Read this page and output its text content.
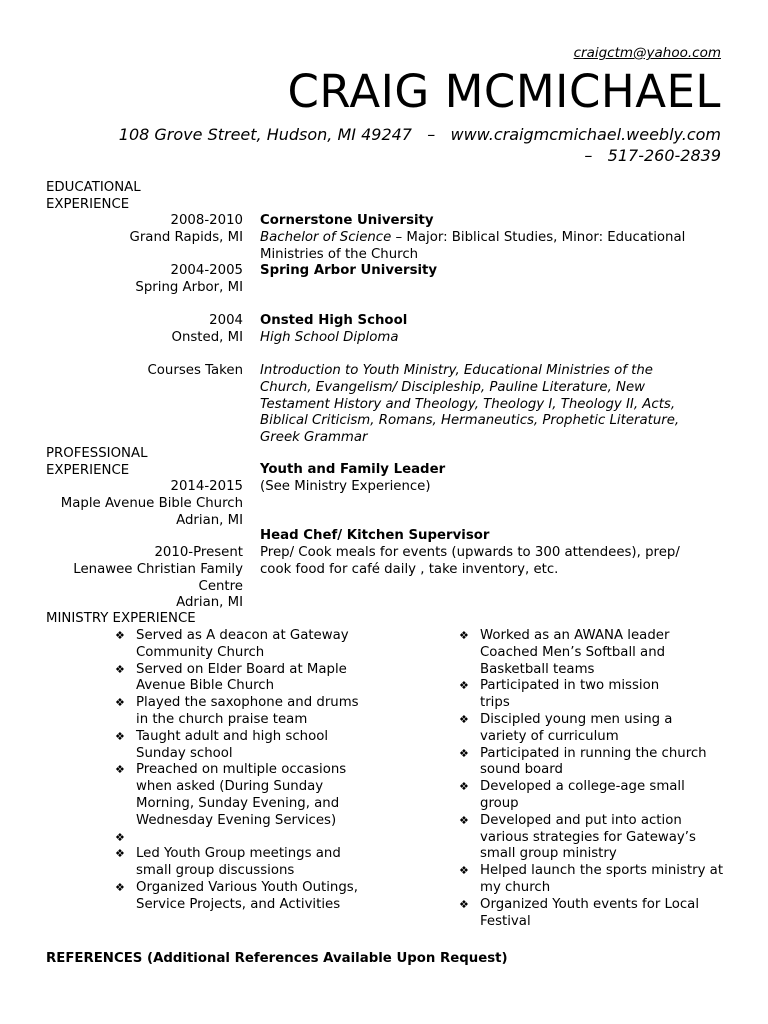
craigctm@yahoo.com
CRAIG MCMICHAEL
108 Grove Street, Hudson, MI 49247   –   www.craigmcmichael.weebly.com
–   517-260-2839
EDUCATIONAL
EXPERIENCE
2008-2010
Grand Rapids, MI
Cornerstone University
Bachelor of Science – Major: Biblical Studies, Minor: Educational Ministries of the Church
2004-2005
Spring Arbor, MI
Spring Arbor University
2004
Onsted, MI
Onsted High School
High School Diploma
Courses Taken Introduction to Youth Ministry, Educational Ministries of the Church, Evangelism/ Discipleship, Pauline Literature, New Testament History and Theology, Theology I, Theology II, Acts, Biblical Criticism, Romans, Hermaneutics, Prophetic Literature, Greek Grammar
PROFESSIONAL
EXPERIENCE
2014-2015
Maple Avenue Bible Church
Adrian, MI
Youth and Family Leader
(See Ministry Experience)
2010-Present
Lenawee Christian Family Centre
Adrian, MI
Head Chef/ Kitchen Supervisor
Prep/ Cook meals for events (upwards to 300 attendees), prep/ cook food for café daily , take inventory, etc.
MINISTRY EXPERIENCE
❖ Served as A deacon at Gateway Community Church
❖ Served on Elder Board at Maple Avenue Bible Church
❖ Played the saxophone and drums in the church praise team
❖ Taught adult and high school Sunday school
❖ Preached on multiple occasions when asked (During Sunday Morning, Sunday Evening, and Wednesday Evening Services)
❖
❖ Led Youth Group meetings and small group discussions
❖ Organized Various Youth Outings, Service Projects, and Activities
❖ Worked as an AWANA leader Coached Men’s Softball and Basketball teams
❖ Participated in two mission trips
❖ Discipled young men using a variety of curriculum
❖ Participated in running the church sound board
❖ Developed a college-age small group
❖ Developed and put into action various strategies for Gateway’s small group ministry
❖ Helped launch the sports ministry at my church
❖ Organized Youth events for Local Festival
REFERENCES (Additional References Available Upon Request)
